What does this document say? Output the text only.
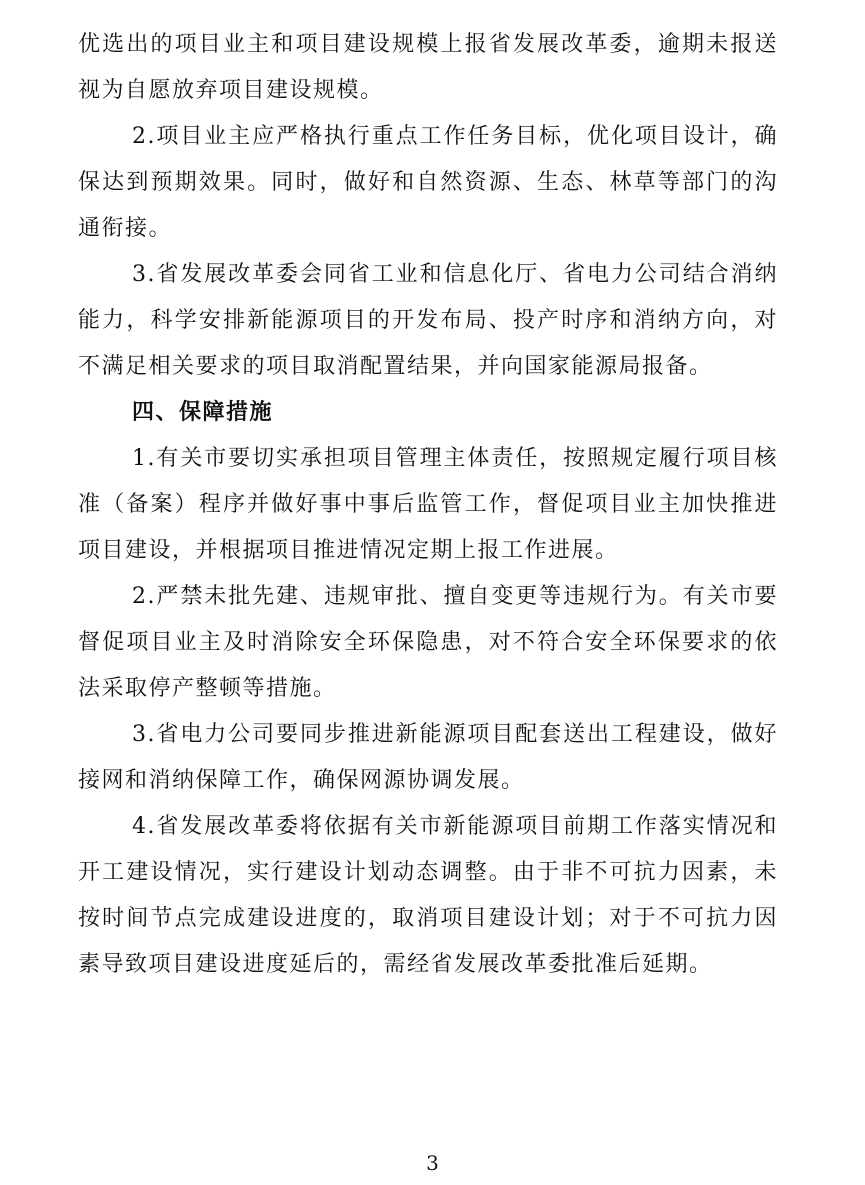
优选出的项目业主和项目建设规模上报省发展改革委，逾期未报送视为自愿放弃项目建设规模。

2.项目业主应严格执行重点工作任务目标，优化项目设计，确保达到预期效果。同时，做好和自然资源、生态、林草等部门的沟通衔接。

3.省发展改革委会同省工业和信息化厅、省电力公司结合消纳能力，科学安排新能源项目的开发布局、投产时序和消纳方向，对不满足相关要求的项目取消配置结果，并向国家能源局报备。

四、保障措施

1.有关市要切实承担项目管理主体责任，按照规定履行项目核准（备案）程序并做好事中事后监管工作，督促项目业主加快推进项目建设，并根据项目推进情况定期上报工作进展。

2.严禁未批先建、违规审批、擅自变更等违规行为。有关市要督促项目业主及时消除安全环保隐患，对不符合安全环保要求的依法采取停产整顿等措施。

3.省电力公司要同步推进新能源项目配套送出工程建设，做好接网和消纳保障工作，确保网源协调发展。

4.省发展改革委将依据有关市新能源项目前期工作落实情况和开工建设情况，实行建设计划动态调整。由于非不可抗力因素，未按时间节点完成建设进度的，取消项目建设计划；对于不可抗力因素导致项目建设进度延后的，需经省发展改革委批准后延期。

3
